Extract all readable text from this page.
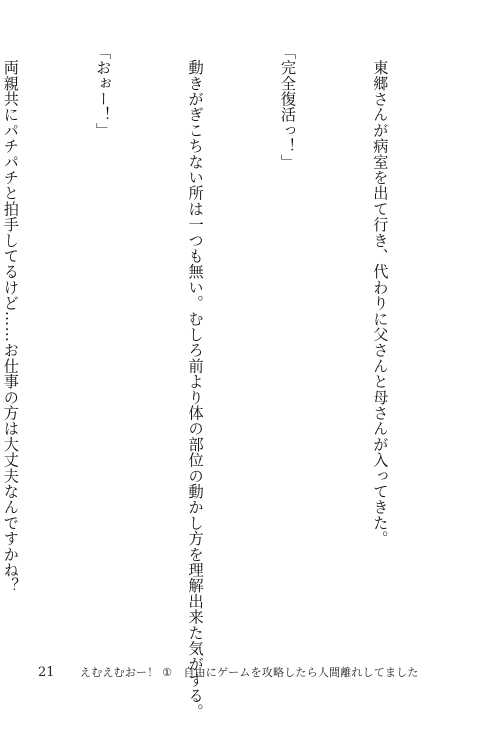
　東郷さんが病室を出て行き、代わりに父さんと母さんが入ってきた。

「完全復活っ！」

　動きがぎこちない所は一つも無い。むしろ前より体の部位の動かし方を理解出来た気がする。

「おぉー！」

　両親共にパチパチと拍手してるけど……お仕事の方は大丈夫なんですかね？

21 えむえむおー！ ①　自由にゲームを攻略したら人間離れしてました
